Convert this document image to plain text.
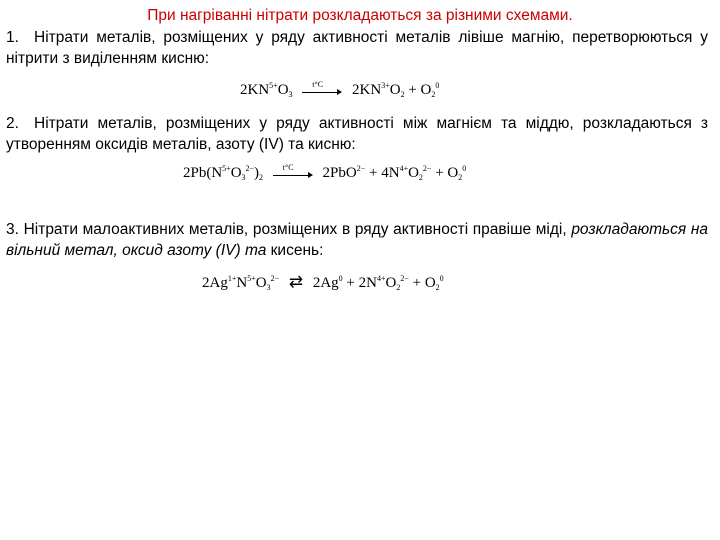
При нагріванні нітрати розкладаються за різними схемами.
1. Нітрати металів, розміщених у ряду активності металів лівіше магнію, перетворюються у нітрити з виділенням кисню:
$2KN^{5+}O_3$
t°C $2KN^{3+}O_2 + O_2^0$
2. Нітрати металів, розміщених у ряду активності між магнієм та міддю, розкладаються з утворенням оксидів металів, азоту (IV) та кисню:
$2Pb(N^{5+}O_3^{2-})_2$
t°C $2PbO^{2-} + 4N^{4+}O_2^{2-} + O_2^0$
3. Нітрати малоактивних металів, розміщених в ряду активності правіше міді, розкладаються на вільний метал, оксид азоту (IV) та кисень:
$2Ag^{1+}N^{5+}O_3^{2-}$ ⇄ $2Ag^0 + 2N^{4+}O_2^{2-} + O_2^0$
